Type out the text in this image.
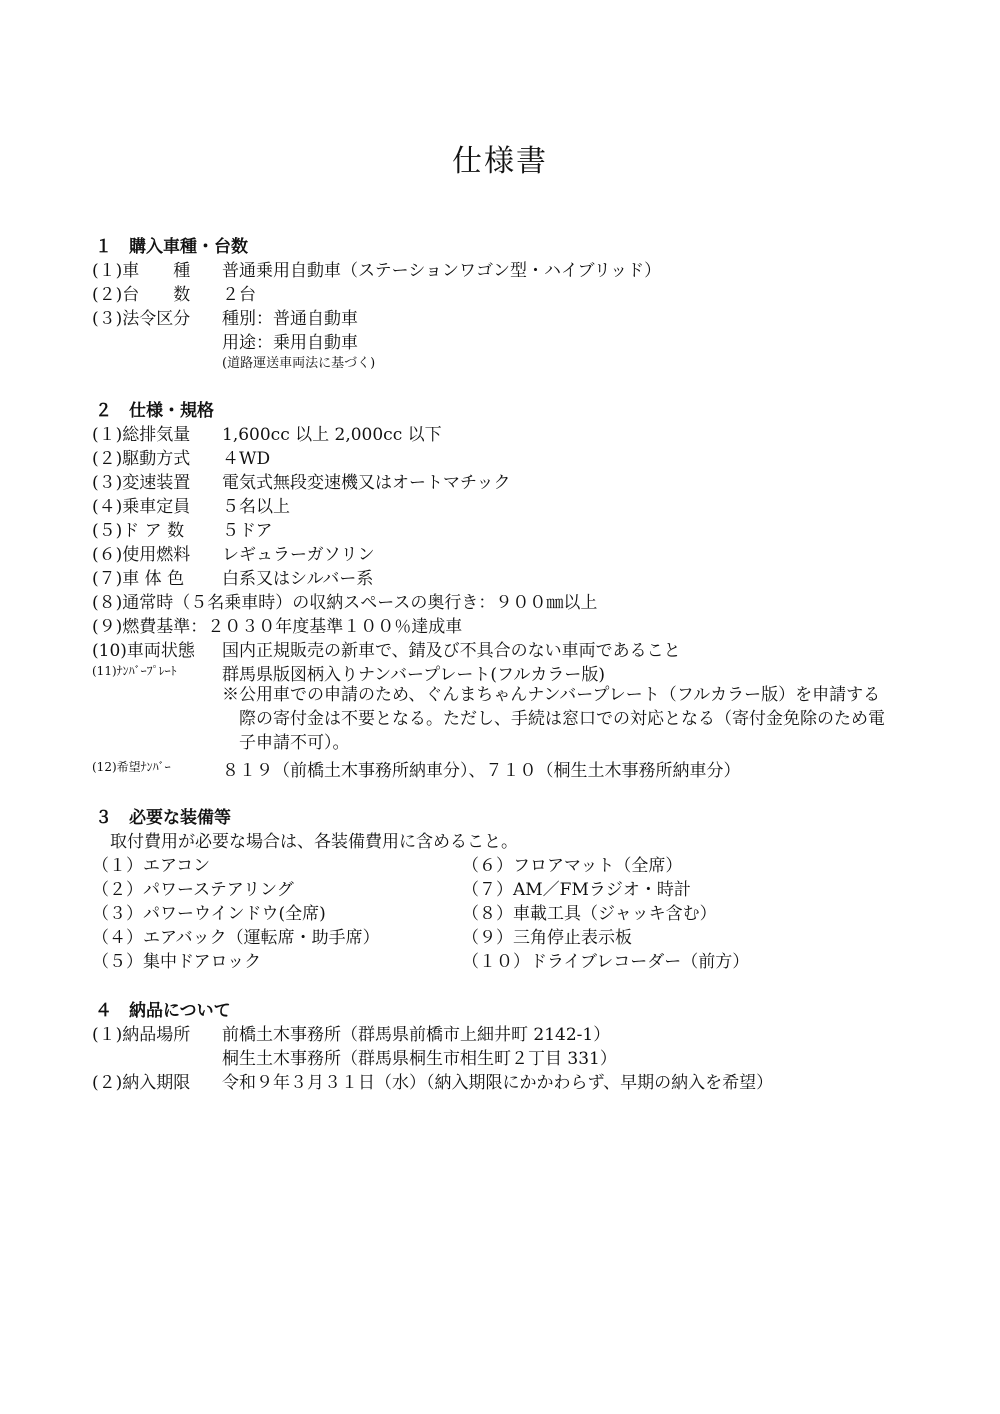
仕様書
１　購入車種・台数
(１)車　　種 普通乗用自動車（ステーションワゴン型・ハイブリッド）
(２)台　　数 ２台
(３)法令区分 種別：普通自動車
用途：乗用自動車
(道路運送車両法に基づく)
２　仕様・規格
(１)総排気量 1,600cc 以上 2,000cc 以下
(２)駆動方式 ４WD
(３)変速装置 電気式無段変速機又はオートマチック
(４)乗車定員 ５名以上
(５)ド ア 数 ５ドア
(６)使用燃料 レギュラーガソリン
(７)車 体 色 白系又はシルバー系
(８)通常時（５名乗車時）の収納スペースの奥行き：９００㎜以上
(９)燃費基準：２０３０年度基準１００％達成車
(10)車両状態 国内正規販売の新車で、錆及び不具合のない車両であること
(11)ﾅﾝﾊﾞｰﾌﾟﾚｰﾄ	群馬県版図柄入りナンバープレート(フルカラー版)
※公用車での申請のため、ぐんまちゃんナンバープレート（フルカラー版）を申請する際の寄付金は不要となる。ただし、手続は窓口での対応となる（寄付金免除のため電子申請不可）。
(12)希望ﾅﾝﾊﾞｰ	８１９（前橋土木事務所納車分）、７１０（桐生土木事務所納車分）
３　必要な装備等
取付費用が必要な場合は、各装備費用に含めること。
（１）エアコン
（２）パワーステアリング
（３）パワーウインドウ(全席)
（４）エアバック（運転席・助手席）
（５）集中ドアロック
（６）フロアマット（全席）
（７）AM／FMラジオ・時計
（８）車載工具（ジャッキ含む）
（９）三角停止表示板
（１０）ドライブレコーダー（前方）
４　納品について
(１)納品場所 前橋土木事務所（群馬県前橋市上細井町 2142-1）
桐生土木事務所（群馬県桐生市相生町２丁目 331）
(２)納入期限 令和９年３月３１日（水）（納入期限にかかわらず、早期の納入を希望）
